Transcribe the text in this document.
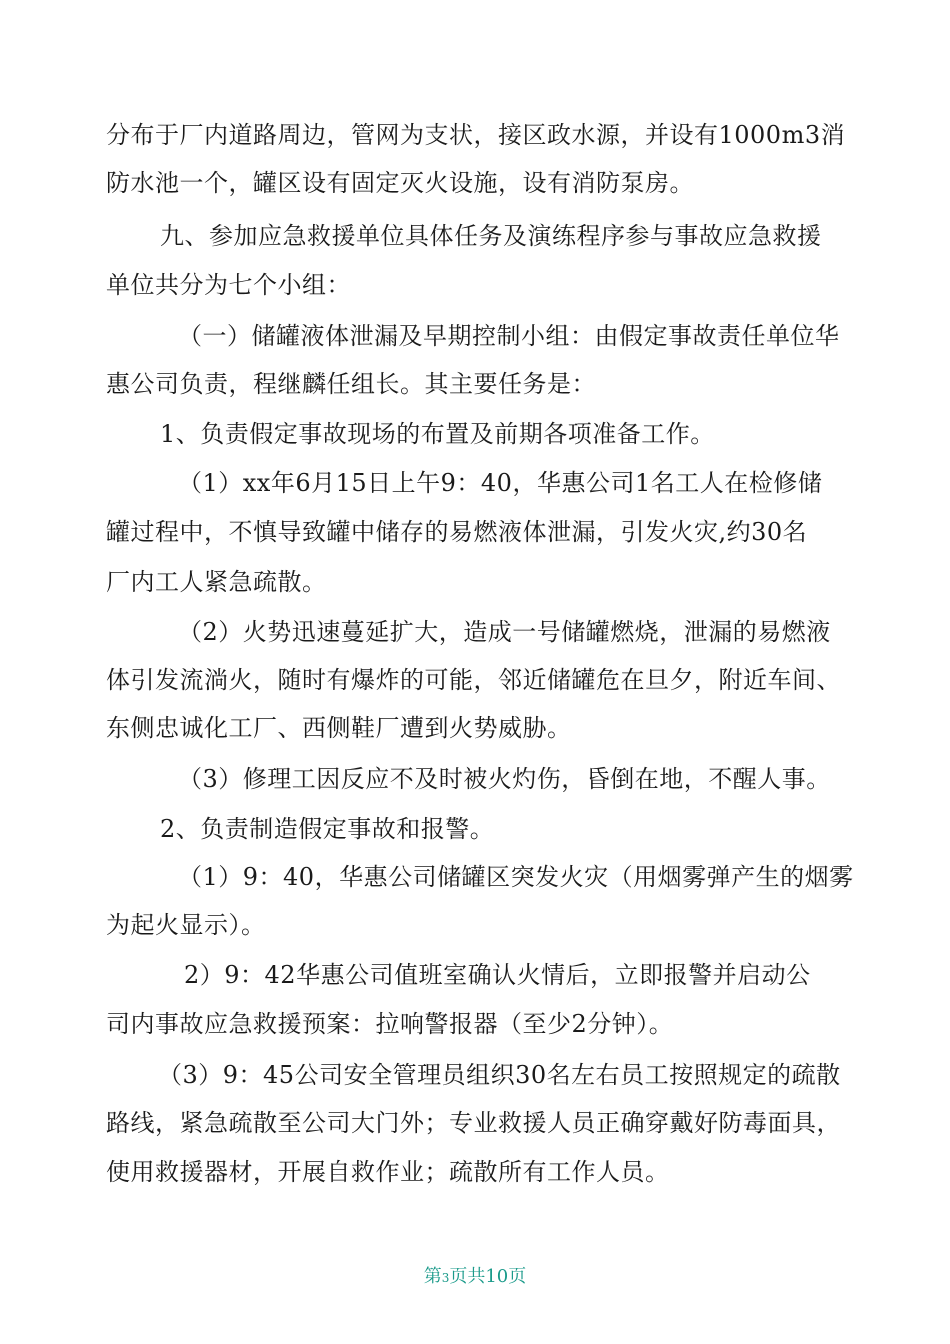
分布于厂内道路周边，管网为支状，接区政水源，并设有1000m3消
防水池一个，罐区设有固定灭火设施，设有消防泵房。
九、参加应急救援单位具体任务及演练程序参与事故应急救援
单位共分为七个小组：
（一）储罐液体泄漏及早期控制小组：由假定事故责任单位华
惠公司负责，程继麟任组长。其主要任务是：
1、负责假定事故现场的布置及前期各项准备工作。
（1）xx年6月15日上午9：40，华惠公司1名工人在检修储
罐过程中，不慎导致罐中储存的易燃液体泄漏，引发火灾,约30名
厂内工人紧急疏散。
（2）火势迅速蔓延扩大，造成一号储罐燃烧，泄漏的易燃液
体引发流淌火，随时有爆炸的可能，邻近储罐危在旦夕，附近车间、
东侧忠诚化工厂、西侧鞋厂遭到火势威胁。
（3）修理工因反应不及时被火灼伤，昏倒在地，不醒人事。
2、负责制造假定事故和报警。
（1）9：40，华惠公司储罐区突发火灾（用烟雾弹产生的烟雾
为起火显示）。
2）9：42华惠公司值班室确认火情后，立即报警并启动公
司内事故应急救援预案：拉响警报器（至少2分钟）。
（3）9：45公司安全管理员组织30名左右员工按照规定的疏散
路线，紧急疏散至公司大门外；专业救援人员正确穿戴好防毒面具，
使用救援器材，开展自救作业；疏散所有工作人员。
第3页共10页
